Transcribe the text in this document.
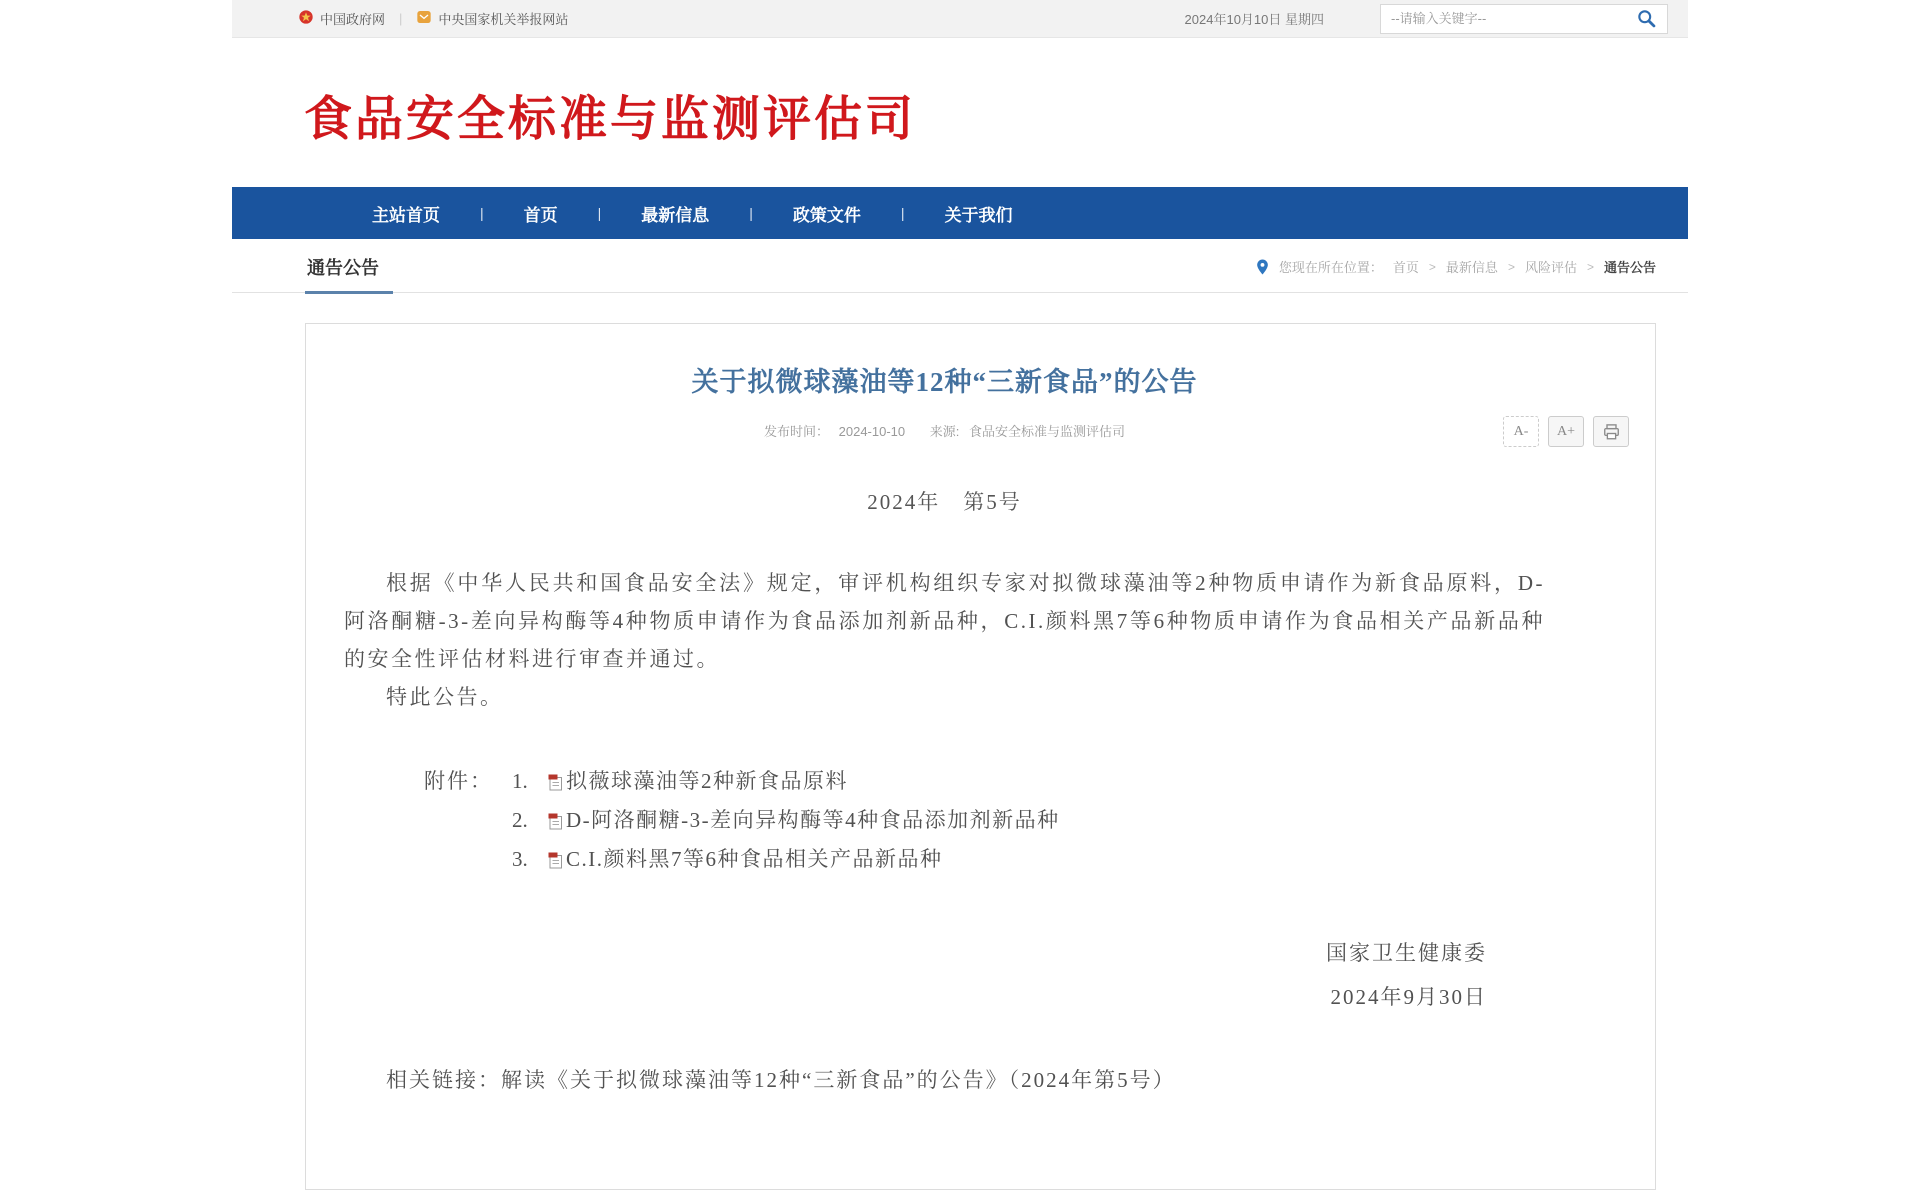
中国政府网 |	中央国家机关举报网站	2024年10月10日 星期四
--请输入关键字--
食品安全标准与监测评估司
主站首页	|	首页	|	最新信息	|	政策文件	|	关于我们
通告公告	您现在所在位置： 首页 > 最新信息 > 风险评估 > 通告公告
关于拟微球藻油等12种“三新食品”的公告
发布时间： 2024-10-10 来源: 食品安全标准与监测评估司	A-	A+
2024年　第5号

根据《中华人民共和国食品安全法》规定，审评机构组织专家对拟微球藻油等2种物质申请作为新食品原料，D-阿洛酮糖-3-差向异构酶等4种物质申请作为食品添加剂新品种，C.I.颜料黑7等6种物质申请作为食品相关产品新品种的安全性评估材料进行审查并通过。

特此公告。

附件： 1.	拟薇球藻油等2种新食品原料
2.	D-阿洛酮糖-3-差向异构酶等4种食品添加剂新品种
3.	C.I.颜料黑7等6种食品相关产品新品种
国家卫生健康委
2024年9月30日

相关链接：解读《关于拟微球藻油等12种“三新食品”的公告》（2024年第5号）
